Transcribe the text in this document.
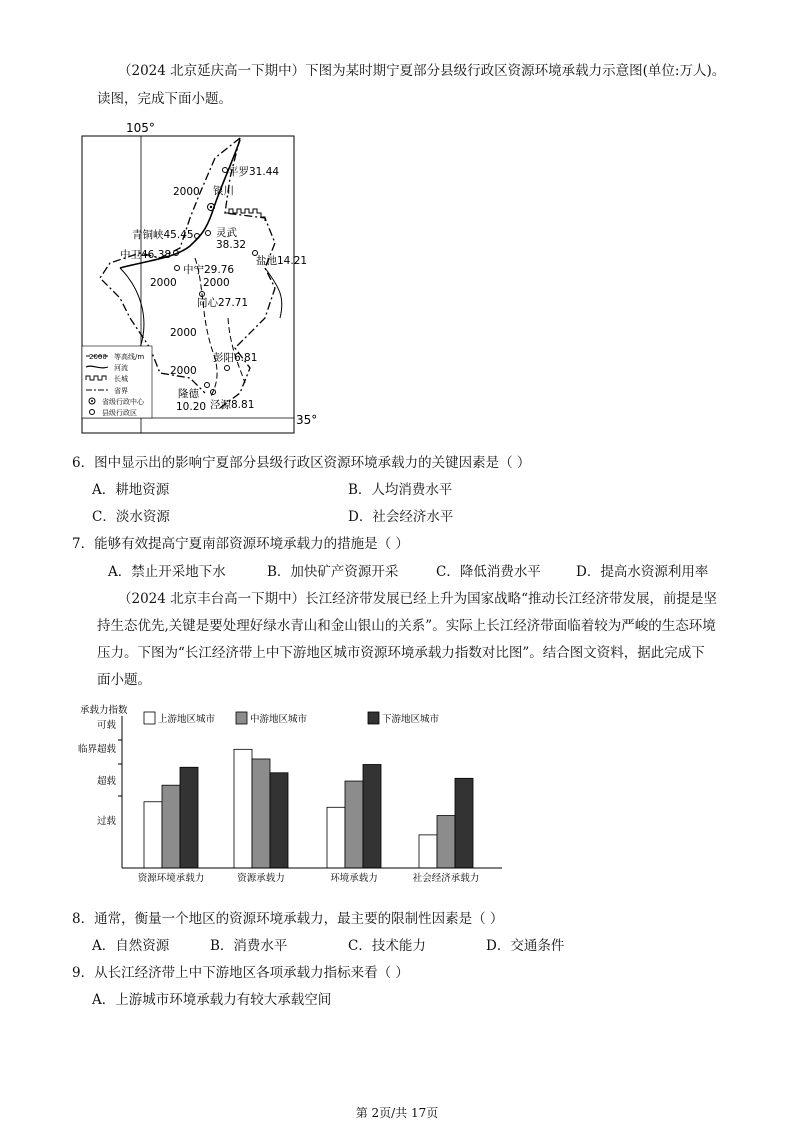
（2024 北京延庆高一下期中）下图为某时期宁夏部分县级行政区资源环境承载力示意图(单位:万人)。
读图，完成下面小题。
105°
35°
平罗31.44
银川
青铜峡45.45 灵武
38.32
中卫46.38	盐池14.21
中宁29.76
同心27.71
彭阳6.81
隆德
10.20 泾源8.81
2000
2000
2000
2000
2000
2000 等高线/m
河流
长城
省界
省级行政中心
县级行政区
6．图中显示出的影响宁夏部分县级行政区资源环境承载力的关键因素是（ ）
A．耕地资源	B．人均消费水平
C．淡水资源	D．社会经济水平
7．能够有效提高宁夏南部资源环境承载力的措施是（ ）
A．禁止开采地下水	B．加快矿产资源开采	C．降低消费水平	D．提高水资源利用率
（2024 北京丰台高一下期中）长江经济带发展已经上升为国家战略“推动长江经济带发展，前提是坚
持生态优先,关键是要处理好绿水青山和金山银山的关系”。实际上长江经济带面临着较为严峻的生态环境
压力。下图为“长江经济带上中下游地区城市资源环境承载力指数对比图”。结合图文资料，据此完成下
面小题。
承载力指数
可载
临界超载
超载
过载
上游地区城市	中游地区城市	下游地区城市
资源环境承载力	资源承载力	环境承载力	社会经济承载力
8．通常，衡量一个地区的资源环境承载力，最主要的限制性因素是（ ）
A．自然资源	B．消费水平	C．技术能力	D．交通条件
9．从长江经济带上中下游地区各项承载力指标来看（ ）
A．上游城市环境承载力有较大承载空间
第 2页/共 17页
